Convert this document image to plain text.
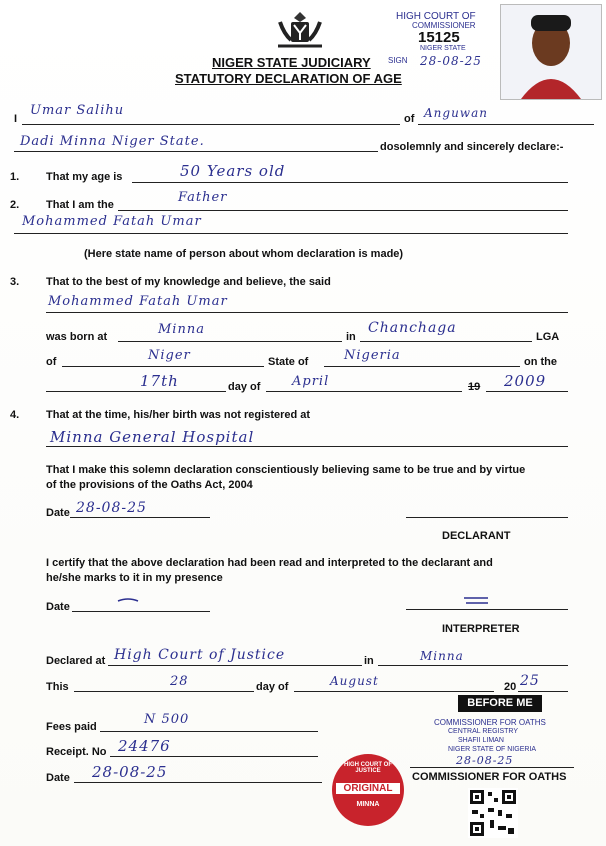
HIGH COURT OF
COMMISSIONER
15125
NIGER STATE
SIGN 28-08-25
NIGER STATE JUDICIARY
STATUTORY DECLARATION OF AGE
I
Umar Salihu
of Anguwan
Dadi Minna Niger State.	dosolemnly and sincerely declare:-
1. That my age is	50 Years old
2. That I am the	Father
Mohammed Fatah Umar
(Here state name of person about whom declaration is made)
3. That to the best of my knowledge and believe, the said
Mohammed Fatah Umar
was born at	Minna	in
Chanchaga
LGA
of	Niger	State of	Nigeria	on the
17th	day of April	19 2009
4. That at the time, his/her birth was not registered at
Minna General Hospital
That I make this solemn declaration conscientiously believing same to be true and by virtue
of the provisions of the Oaths Act, 2004
Date 28-08-25
DECLARANT
I certify that the above declaration had been read and interpreted to the declarant and
he/she marks to it in my presence
Date
INTERPRETER
Declared at High Court of Justice	in	Minna
This	28	day of	August	20 25
BEFORE ME
COMMISSIONER FOR OATHS
CENTRAL REGISTRY
SHAFII LIMAN
NIGER STATE OF NIGERIA
28-08-25
Fees paid	N 500
Receipt. No 24476
Date 28-08-25	HIGH COURT OF JUSTICE
ORIGINAL
MINNA
COMMISSIONER FOR OATHS
